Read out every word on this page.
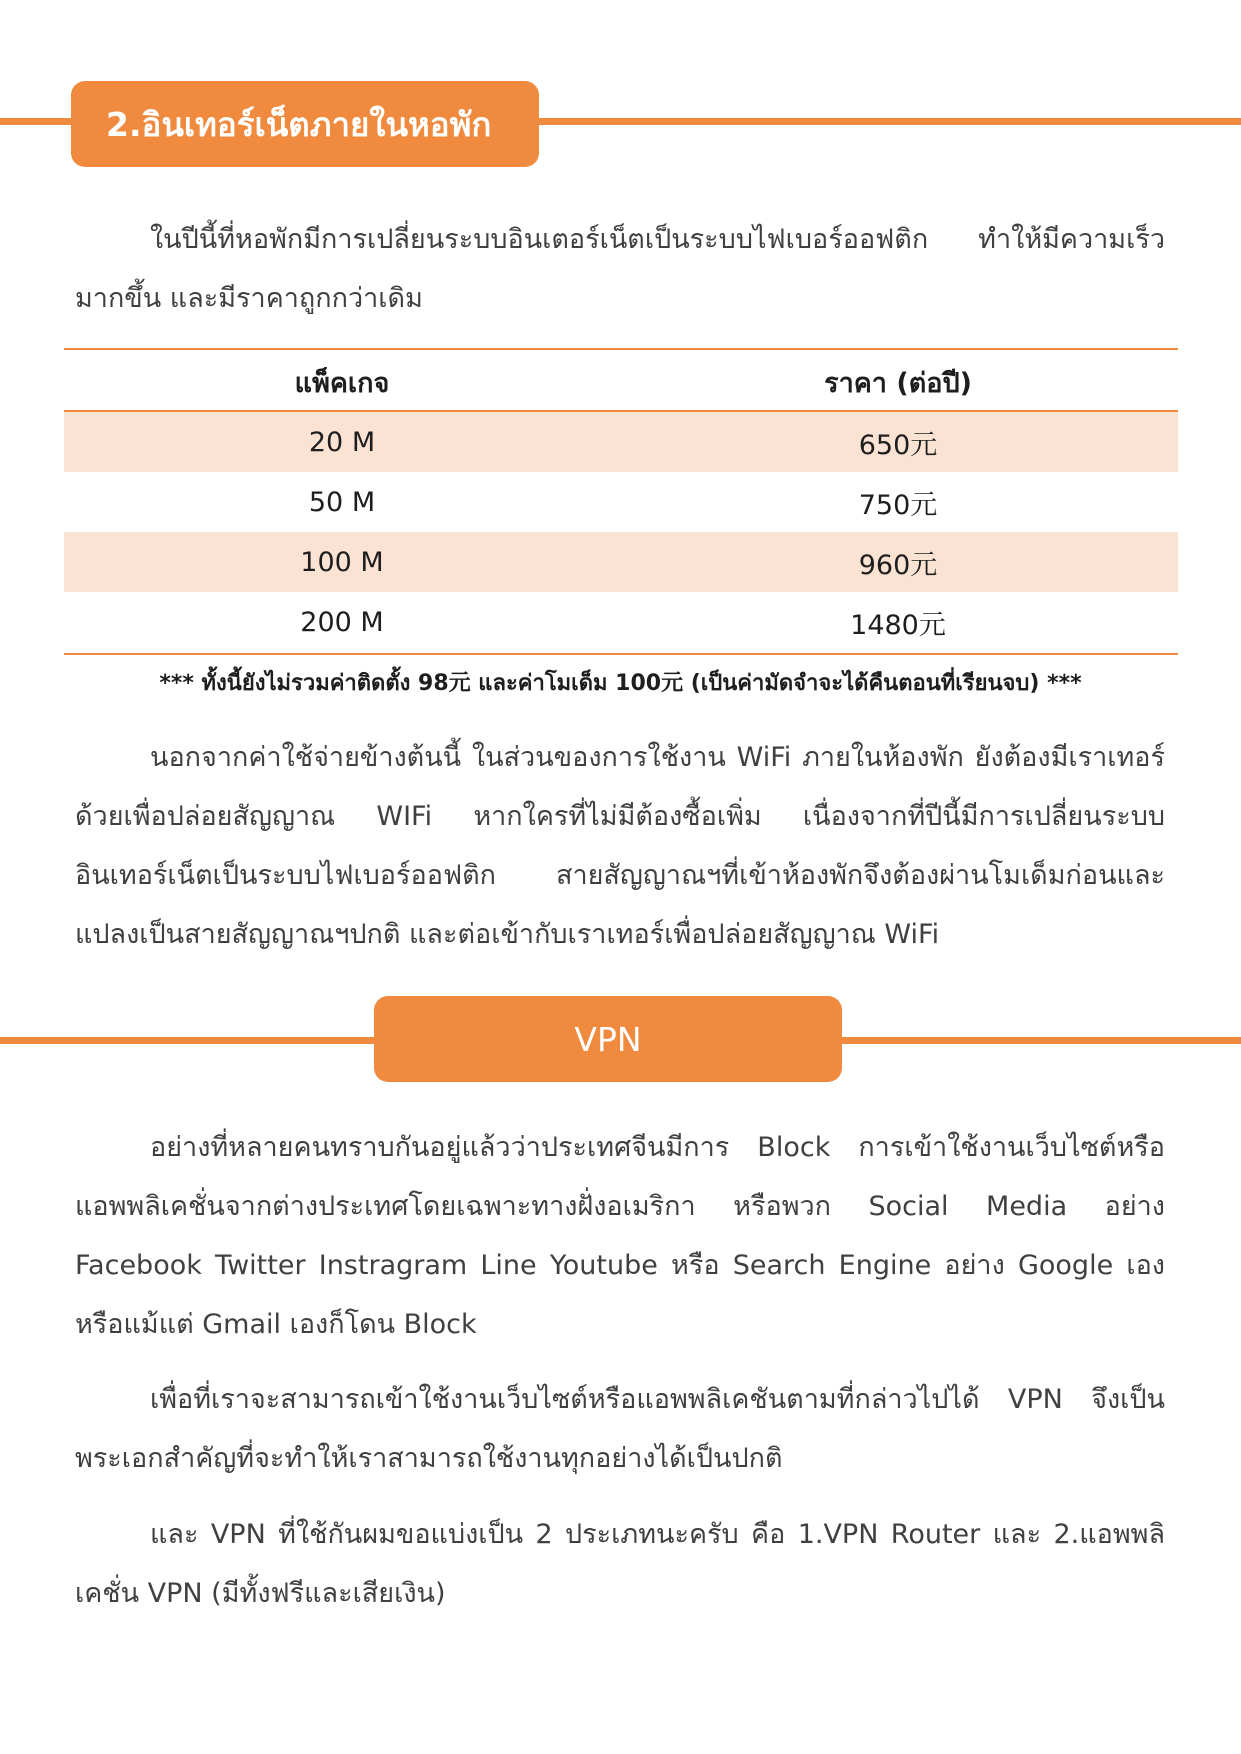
2.อินเทอร์เน็ตภายในหอพัก

ในปีนี้ที่หอพักมีการเปลี่ยนระบบอินเตอร์เน็ตเป็นระบบไฟเบอร์ออฟติก ทำให้มีความเร็วมากขึ้น และมีราคาถูกกว่าเดิม

แพ็คเกจ	ราคา (ต่อปี)
20 M	650元
50 M	750元
100 M	960元
200 M	1480元
*** ทั้งนี้ยังไม่รวมค่าติดตั้ง 98元 และค่าโมเด็ม 100元 (เป็นค่ามัดจำจะได้คืนตอนที่เรียนจบ) ***

นอกจากค่าใช้จ่ายข้างต้นนี้ ในส่วนของการใช้งาน WiFi ภายในห้องพัก ยังต้องมีเราเทอร์ด้วยเพื่อปล่อยสัญญาณ WIFi หากใครที่ไม่มีต้องซื้อเพิ่ม เนื่องจากที่ปีนี้มีการเปลี่ยนระบบอินเทอร์เน็ตเป็นระบบไฟเบอร์ออฟติก สายสัญญาณฯที่เข้าห้องพักจึงต้องผ่านโมเด็มก่อนและแปลงเป็นสายสัญญาณฯปกติ และต่อเข้ากับเราเทอร์เพื่อปล่อยสัญญาณ WiFi

VPN

อย่างที่หลายคนทราบกันอยู่แล้วว่าประเทศจีนมีการ Block การเข้าใช้งานเว็บไซต์หรือแอพพลิเคชั่นจากต่างประเทศโดยเฉพาะทางฝั่งอเมริกา หรือพวก Social Media อย่าง Facebook Twitter Instragram Line Youtube หรือ Search Engine อย่าง Google เอง หรือแม้แต่ Gmail เองก็โดน Block

เพื่อที่เราจะสามารถเข้าใช้งานเว็บไซต์หรือแอพพลิเคชันตามที่กล่าวไปได้ VPN จึงเป็นพระเอกสำคัญที่จะทำให้เราสามารถใช้งานทุกอย่างได้เป็นปกติ

และ VPN ที่ใช้กันผมขอแบ่งเป็น 2 ประเภทนะครับ คือ 1.VPN Router และ 2.แอพพลิเคชั่น VPN (มีทั้งฟรีและเสียเงิน)
